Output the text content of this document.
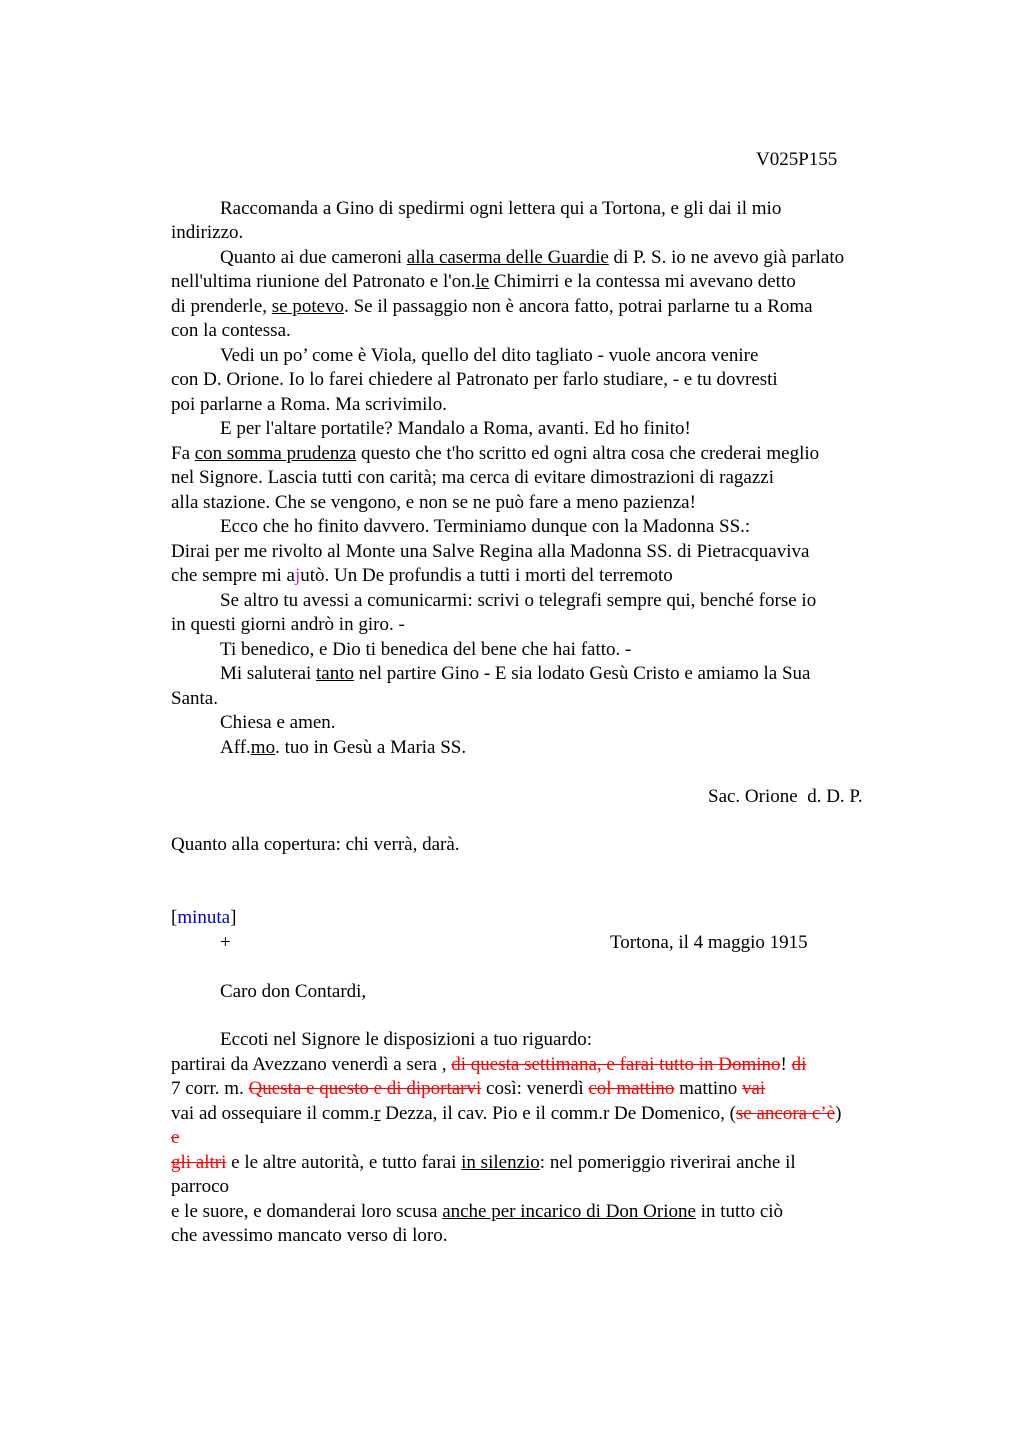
V025P155
Raccomanda a Gino di spedirmi ogni lettera qui a Tortona, e gli dai il mio
indirizzo.
Quanto ai due cameroni alla caserma delle Guardie di P. S. io ne avevo già parlato
nell'ultima riunione del Patronato e l'on.le Chimirri e la contessa mi avevano detto
di prenderle, se potevo. Se il passaggio non è ancora fatto, potrai parlarne tu a Roma
con la contessa.
Vedi un po’ come è Viola, quello del dito tagliato - vuole ancora venire
con D. Orione. Io lo farei chiedere al Patronato per farlo studiare, - e tu dovresti
poi parlarne a Roma. Ma scrivimilo.
E per l'altare portatile? Mandalo a Roma, avanti. Ed ho finito!
Fa con somma prudenza questo che t'ho scritto ed ogni altra cosa che crederai meglio
nel Signore. Lascia tutti con carità; ma cerca di evitare dimostrazioni di ragazzi
alla stazione. Che se vengono, e non se ne può fare a meno pazienza!
Ecco che ho finito davvero. Terminiamo dunque con la Madonna SS.:
Dirai per me rivolto al Monte una Salve Regina alla Madonna SS. di Pietracquaviva
che sempre mi ajutò. Un De profundis a tutti i morti del terremoto
Se altro tu avessi a comunicarmi: scrivi o telegrafi sempre qui, benché forse io
in questi giorni andrò in giro. -
Ti benedico, e Dio ti benedica del bene che hai fatto. -
Mi saluterai tanto nel partire Gino - E sia lodato Gesù Cristo e amiamo la Sua
Santa.
Chiesa e amen.
Aff.mo. tuo in Gesù a Maria SS.
Sac. Orione  d. D. P.
Quanto alla copertura: chi verrà, darà.
[minuta]
+	Tortona, il 4 maggio 1915
Caro don Contardi,
Eccoti nel Signore le disposizioni a tuo riguardo:
partirai da Avezzano venerdì a sera , di questa settimana, e farai tutto in Domino! di
7 corr. m. Questa e questo e di diportarvi così: venerdì col mattino mattino vai
vai ad ossequiare il comm.r Dezza, il cav. Pio e il comm.r De Domenico, (se ancora c’è)
e
gli altri e le altre autorità, e tutto farai in silenzio: nel pomeriggio riverirai anche il
parroco
e le suore, e domanderai loro scusa anche per incarico di Don Orione in tutto ciò
che avessimo mancato verso di loro.
